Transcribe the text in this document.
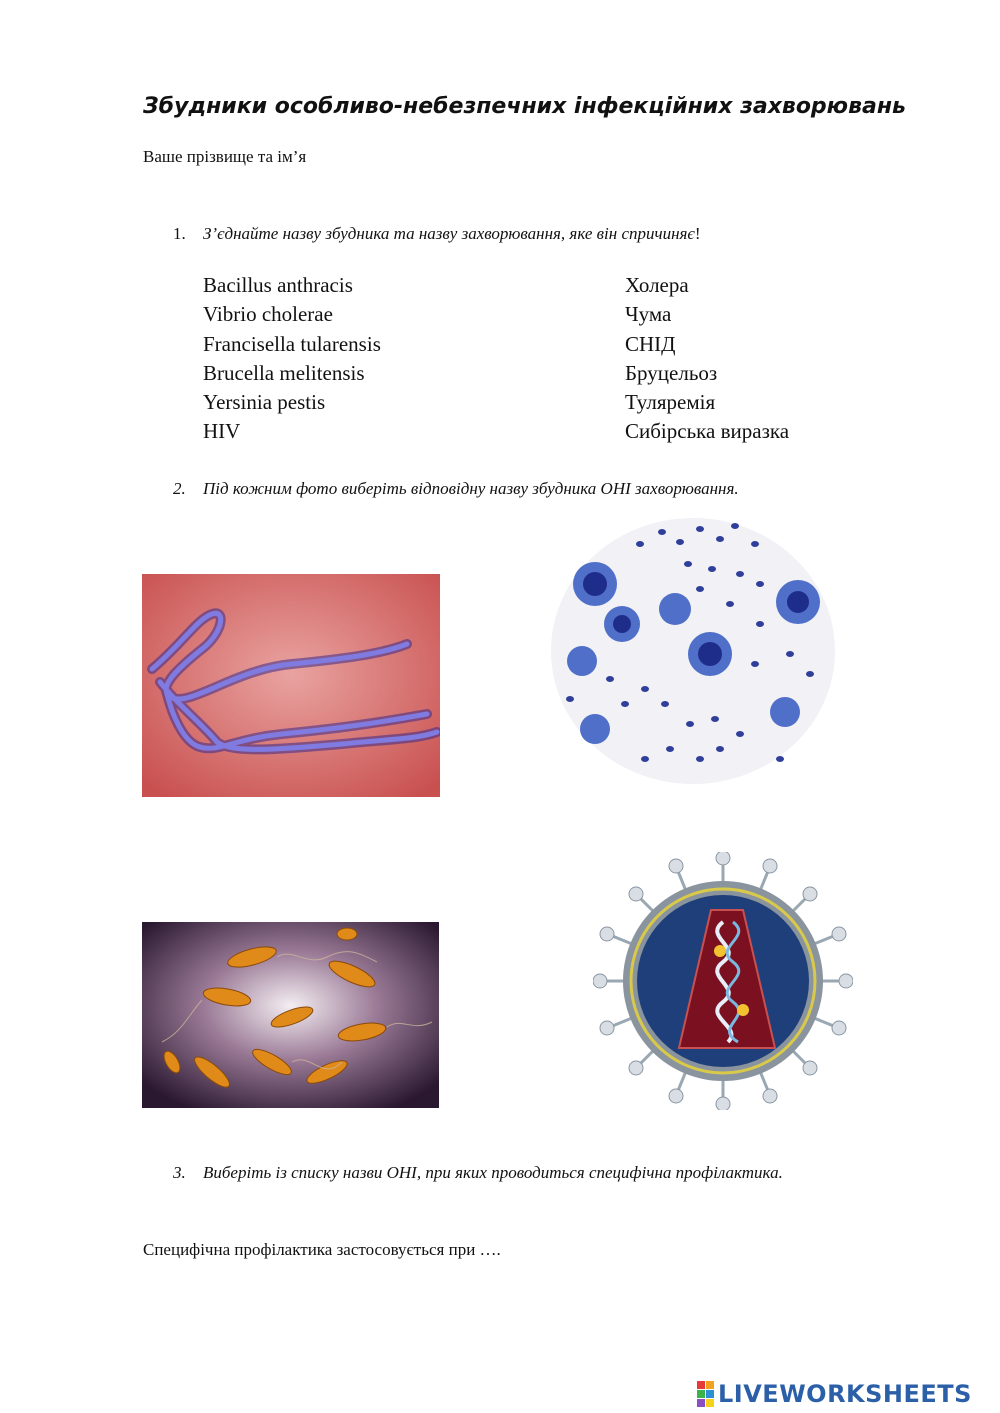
Збудники особливо-небезпечних інфекційних захворювань
Ваше прізвище та ім’я
1. З’єднайте назву збудника та назву захворювання, яке він спричиняє!
Bacillus anthracis
Vibrio cholerae
Francisella tularensis
Brucella melitensis
Yersinia pestis
HIV
Холера
Чума
СНІД
Бруцельоз
Туляремія
Сибірська виразка
2. Під кожним фото виберіть відповідну назву збудника ОНІ захворювання.
3. Виберіть із списку назви ОНІ, при яких проводиться специфічна профілактика.
Специфічна профілактика застосовується при ….
LIVEWORKSHEETS
